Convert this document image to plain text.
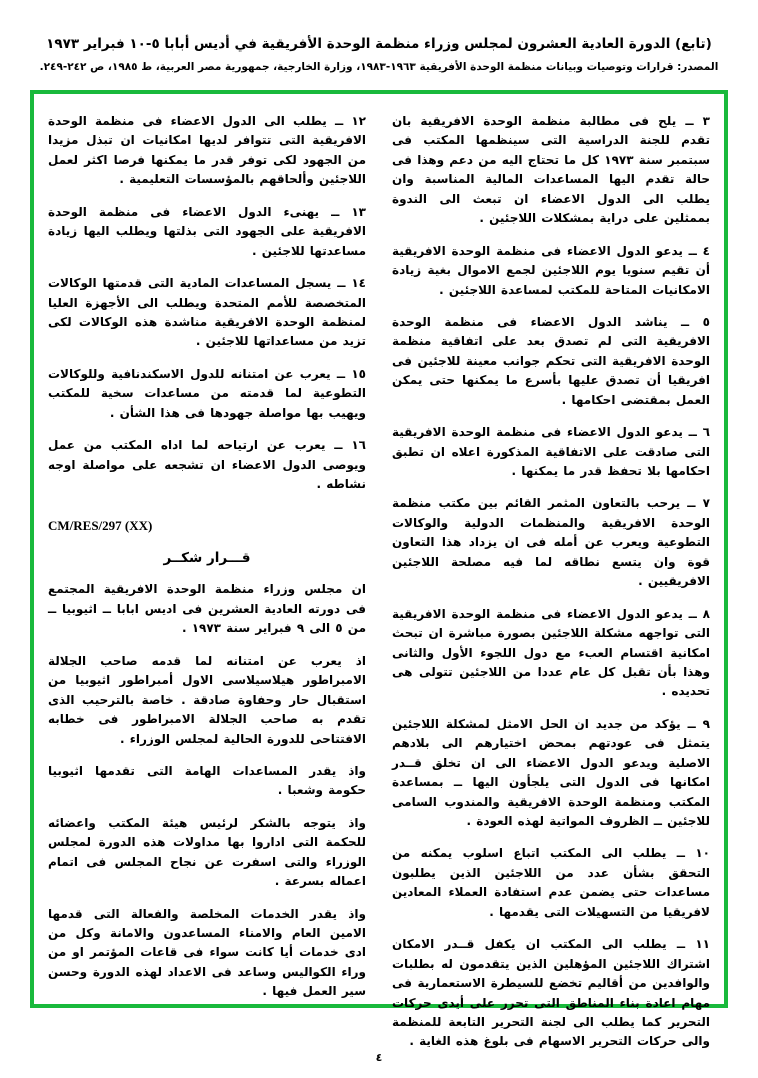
(تابع) الدورة العادية العشرون لمجلس وزراء منظمة الوحدة الأفريقية في أديس أبابا ٥-١٠ فبراير ١٩٧٣
المصدر: قرارات وتوصيات وبيانات منظمة الوحدة الأفريقية ١٩٦٣-١٩٨٣، وزارة الخارجية، جمهورية مصر العربية، ط ١٩٨٥، ص ٢٤٢-٢٤٩.

٣ ــ يلح فى مطالبة منظمة الوحدة الافريقية بان تقدم للجنة الدراسية التى سينظمها المكتب فى سبتمبر سنة ١٩٧٣ كل ما تحتاج اليه من دعم وهذا فى حالة تقدم اليها المساعدات المالية المناسبة وان يطلب الى الدول الاعضاء ان تبعث الى الندوة بممثلين على دراية بمشكلات اللاجئين .

٤ ــ يدعو الدول الاعضاء فى منظمة الوحدة الافريقية أن تقيم سنويا يوم اللاجئين لجمع الاموال بغية زيادة الامكانيات المتاحة للمكتب لمساعدة اللاجئين .

٥ ــ يناشد الدول الاعضاء فى منظمة الوحدة الافريقية التى لم تصدق بعد على اتفاقية منظمة الوحدة الافريقية التى تحكم جوانب معينة للاجئين فى افريقيا أن تصدق عليها بأسرع ما يمكنها حتى يمكن العمل بمقتضى احكامها .

٦ ــ يدعو الدول الاعضاء فى منظمة الوحدة الافريقية التى صادقت على الاتفاقية المذكورة اعلاه ان تطبق احكامها بلا تحفظ قدر ما يمكنها .

٧ ــ يرحب بالتعاون المثمر القائم بين مكتب منظمة الوحدة الافريقية والمنظمات الدولية والوكالات التطوعية ويعرب عن أمله فى ان يزداد هذا التعاون قوة وان يتسع نطاقه لما فيه مصلحة اللاجئين الافريقيين .

٨ ــ يدعو الدول الاعضاء فى منظمة الوحدة الافريقية التى تواجهه مشكلة اللاجئين بصورة مباشرة ان تبحث امكانية اقتسام العبء مع دول اللجوء الأول والثانى وهذا بأن تقبل كل عام عددا من اللاجئين تتولى هى تحديده .

٩ ــ يؤكد من جديد ان الحل الامثل لمشكلة اللاجئين يتمثل فى عودتهم بمحض اختيارهم الى بلادهم الاصلية ويدعو الدول الاعضاء الى ان تخلق قــدر امكانها فى الدول التى يلجأون اليها ــ بمساعدة المكتب ومنظمة الوحدة الافريقية والمندوب السامى للاجئين ــ الظروف المواتية لهذه العودة .

١٠ ــ يطلب الى المكتب اتباع اسلوب يمكنه من التحقق بشأن عدد من اللاجئين الذين يطلبون مساعدات حتى يضمن عدم استفادة العملاء المعادين لافريقيا من التسهيلات التى يقدمها .

١١ ــ يطلب الى المكتب ان يكفل قــدر الامكان اشتراك اللاجئين المؤهلين الذين يتقدمون له بطلبات والوافدين من أقاليم تخضع للسيطرة الاستعمارية فى مهام اعادة بناء المناطق التى تحرر على أيدى حركات التحرير كما يطلب الى لجنة التحرير التابعة للمنظمة والى حركات التحرير الاسهام فى بلوغ هذه الغاية .

١٢ ــ يطلب الى الدول الاعضاء فى منظمة الوحدة الافريقية التى تتوافر لديها امكانيات ان تبذل مزيدا من الجهود لكى توفر قدر ما يمكنها فرصا اكثر لعمل اللاجئين وألحاقهم بالمؤسسات التعليمية .

١٣ ــ يهنىء الدول الاعضاء فى منظمة الوحدة الافريقية على الجهود التى بذلتها ويطلب اليها زيادة مساعدتها للاجئين .

١٤ ــ يسجل المساعدات المادية التى قدمتها الوكالات المتخصصة للأمم المتحدة ويطلب الى الأجهزة العليا لمنظمة الوحدة الافريقية مناشدة هذه الوكالات لكى تزيد من مساعداتها للاجئين .

١٥ ــ يعرب عن امتنانه للدول الاسكندنافية وللوكالات التطوعية لما قدمته من مساعدات سخية للمكتب ويهيب بها مواصلة جهودها فى هذا الشأن .

١٦ ــ يعرب عن ارتياحه لما اداه المكتب من عمل ويوصى الدول الاعضاء ان تشجعه على مواصلة اوجه نشاطه .

CM/RES/297 (XX)
قـــرار شكــر

ان مجلس وزراء منظمة الوحدة الافريقية المجتمع فى دورته العادية العشرين فى اديس ابابا ــ اثيوبيا ــ من ٥ الى ٩ فبراير سنة ١٩٧٣ .

اذ يعرب عن امتنانه لما قدمه صاحب الجلالة الامبراطور هيلاسيلاسى الاول أمبراطور اثيوبيا من استقبال حار وحفاوة صادقة . خاصة بالترحيب الذى تقدم به صاحب الجلالة الامبراطور فى خطابه الافتتاحى للدورة الحالية لمجلس الوزراء .

واذ يقدر المساعدات الهامة التى تقدمها اثيوبيا حكومة وشعبا .

واذ يتوجه بالشكر لرئيس هيئة المكتب واعضائه للحكمة التى اداروا بها مداولات هذه الدورة لمجلس الوزراء والتى اسفرت عن نجاح المجلس فى اتمام اعماله بسرعة .

واذ يقدر الخدمات المخلصة والفعالة التى قدمها الامين العام والامناء المساعدون والامانة وكل من ادى خدمات أيا كانت سواء فى قاعات المؤتمر او من وراء الكواليس وساعد فى الاعداد لهذه الدورة وحسن سير العمل فيها .

٤
